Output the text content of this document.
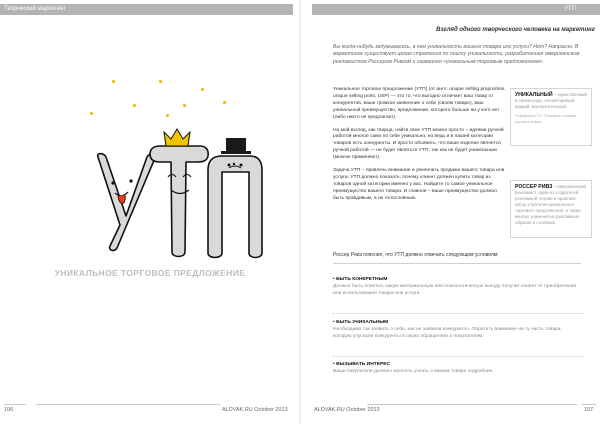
Творческий маркетинг
УНИКАЛЬНОЕ ТОРГОВОЕ ПРЕДЛОЖЕНИЕ
106	ALDVAK.RU October 2013
УТП
Взгляд одного творческого человека на маркетинг
Вы когда-нибудь задумывались, в чем уникальность вашего товара или услуги? Нет? Напрасно. В маркетинге существует целая стратегия по поиску уникальности, разработанная американским рекламистом Россером Ривзом и названная «уникальным торговым предложением».

Уникальное торговое предложение (УТП) (от англ. unique selling proposition, unique selling point, USP) — это то, что выгодно отличает ваш товар от конкурентов, ваше громкое заявление о себе (своем товаре), ваш уникальный преимущество, предложение, которого больше ни у кого нет (либо никто не предлагает).

На мой взгляд, как творца, найти свое УТП можно просто – идеями ручной работой многое само по себе уникально, но ведь и в нашей категории товаров есть конкуренты. И просто объявить, что ваше изделие является ручной работой — не будет являться УТП, так как не будет уникальным (многие применяют).

Задача УТП – привлечь внимание и увеличить продажи вашего товара или услуги. УТП должно показать, почему клиент должен купить товар из товаров одной категории именно у вас. Найдите то самое уникальное преимущество вашего товара. И главное – ваше преимущество должно быть правдивым, а не голословным.

УНИКАЛЬНЫЙ – единственный в своем роде, неповторимый, редкий, исключительный.
Я формулы ТЭ. Толковый словарь русского языка.
РОССЕР РИВЗ – американский рекламист, один из создателей рекламной теории и практики, автор стратегии уникального торгового предложения, а также многих знаменитых рекламных образов и слоганов.
Россер Ривз пояснил, что УТП должно отвечать следующим условиям:
• БЫТЬ КОНКРЕТНЫМ
Должно быть понятно, какую материальную или психологическую выгоду получит клиент от приобретения или использования товара или услуги.
• БЫТЬ УНИКАЛЬНЫМ
Необходимо так заявить о себе, как не заявили конкуренты. Обратить внимание на ту часть товара, которую упускали конкуренты в своих обращениях к покупателям.
• ВЫЗЫВАТЬ ИНТЕРЕС
Ваши покупатели должны захотеть узнать о вашем товаре подробнее.
ALDVAK.RU October 2013	107
